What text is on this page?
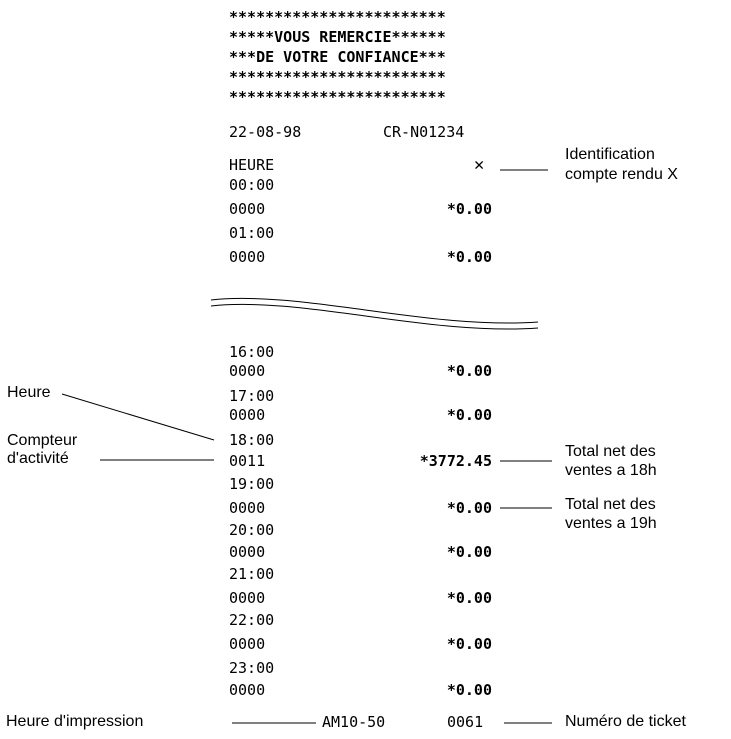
************************
*****VOUS REMERCIE******
***DE VOTRE CONFIANCE***
************************
************************
22-08-98	CR-N01234
HEURE	✕
00:00
0000	*0.00
01:00
0000	*0.00
16:00
0000	*0.00
17:00
0000	*0.00
18:00
0011	*3772.45
19:00
0000	*0.00
20:00
0000	*0.00
21:00
0000	*0.00
22:00
0000	*0.00
23:00
0000	*0.00
AM10-50	0061
Identification
compte rendu X
Heure
Compteur
d'activité	Total net des
ventes a 18h
Total net des
ventes a 19h
Heure d'impression	Numéro de ticket
